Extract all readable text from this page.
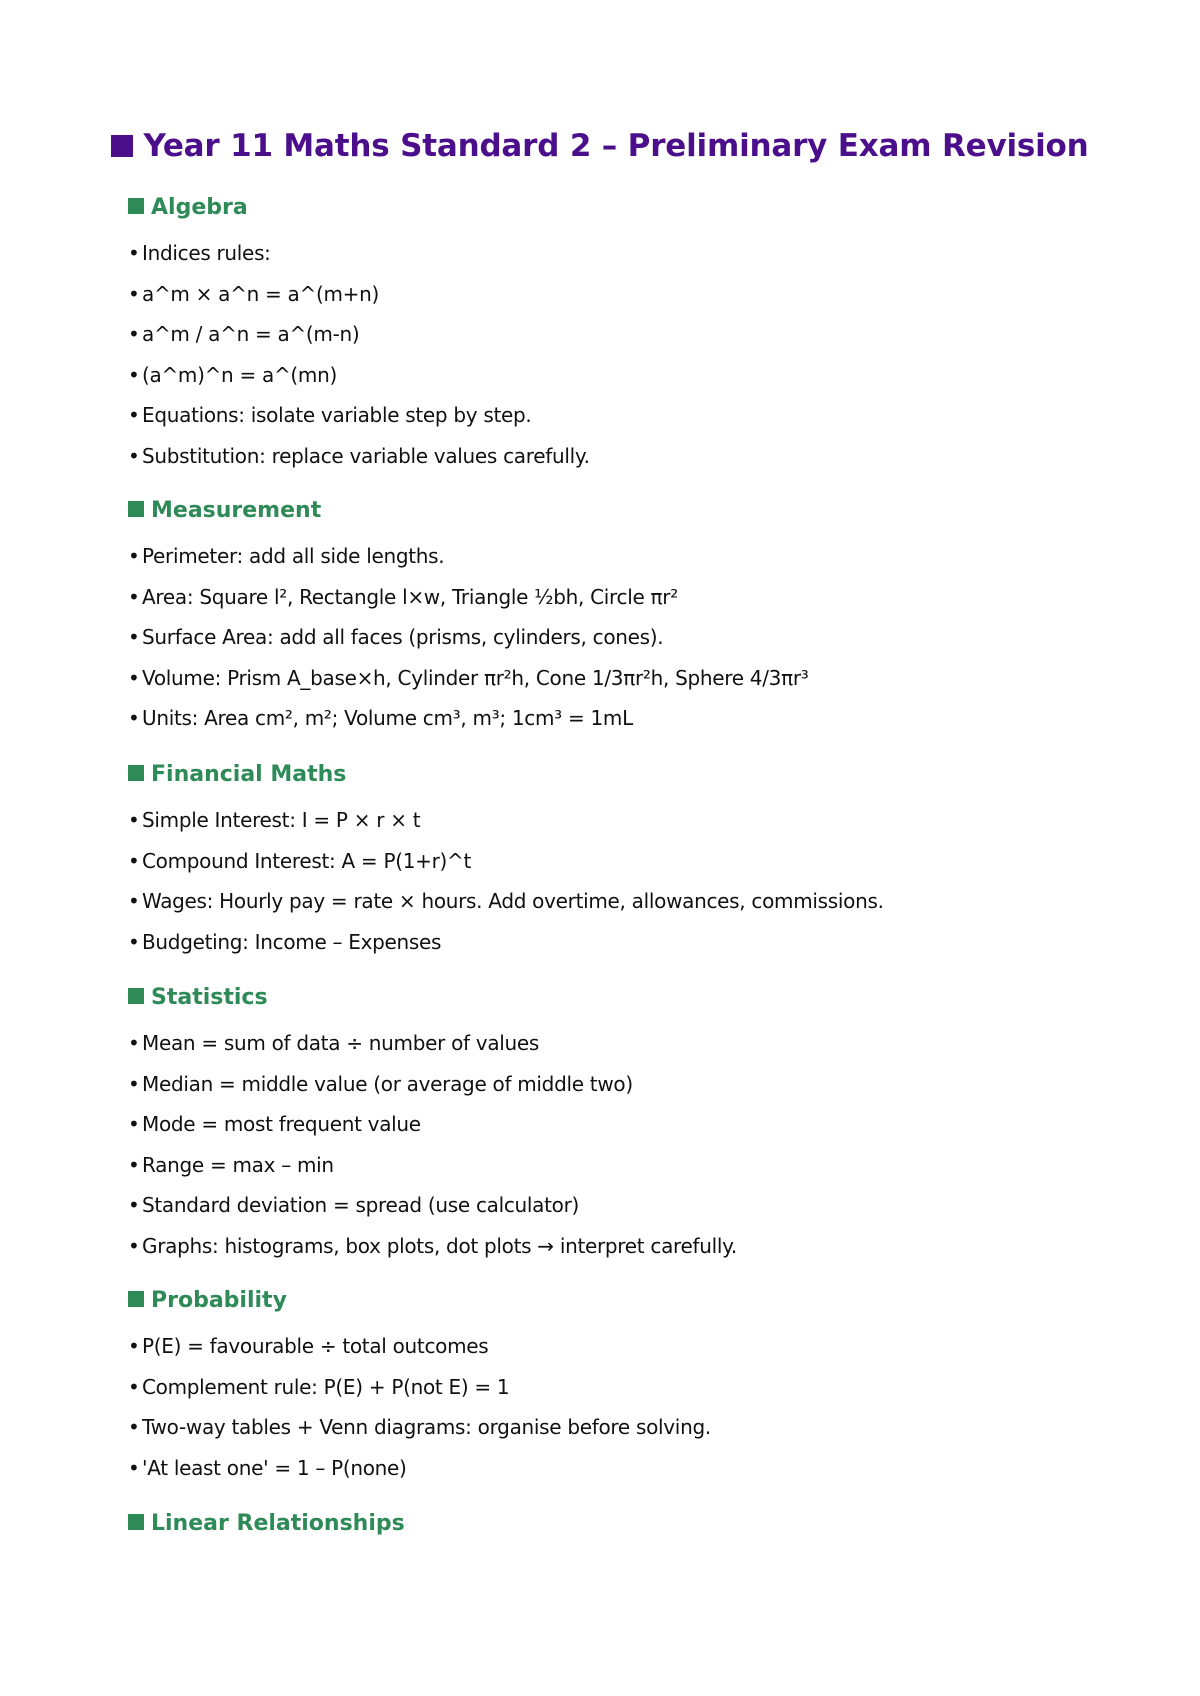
Year 11 Maths Standard 2 – Preliminary Exam Revision
Algebra
• Indices rules:
• a^m × a^n = a^(m+n)
• a^m / a^n = a^(m-n)
• (a^m)^n = a^(mn)
• Equations: isolate variable step by step.
• Substitution: replace variable values carefully.
Measurement
• Perimeter: add all side lengths.
• Area: Square l², Rectangle l×w, Triangle ½bh, Circle πr²
• Surface Area: add all faces (prisms, cylinders, cones).
• Volume: Prism A_base×h, Cylinder πr²h, Cone 1/3πr²h, Sphere 4/3πr³
• Units: Area cm², m²; Volume cm³, m³; 1cm³ = 1mL
Financial Maths
• Simple Interest: I = P × r × t
• Compound Interest: A = P(1+r)^t
• Wages: Hourly pay = rate × hours. Add overtime, allowances, commissions.
• Budgeting: Income – Expenses
Statistics
• Mean = sum of data ÷ number of values
• Median = middle value (or average of middle two)
• Mode = most frequent value
• Range = max – min
• Standard deviation = spread (use calculator)
• Graphs: histograms, box plots, dot plots → interpret carefully.
Probability
• P(E) = favourable ÷ total outcomes
• Complement rule: P(E) + P(not E) = 1
• Two-way tables + Venn diagrams: organise before solving.
• 'At least one' = 1 – P(none)
Linear Relationships
